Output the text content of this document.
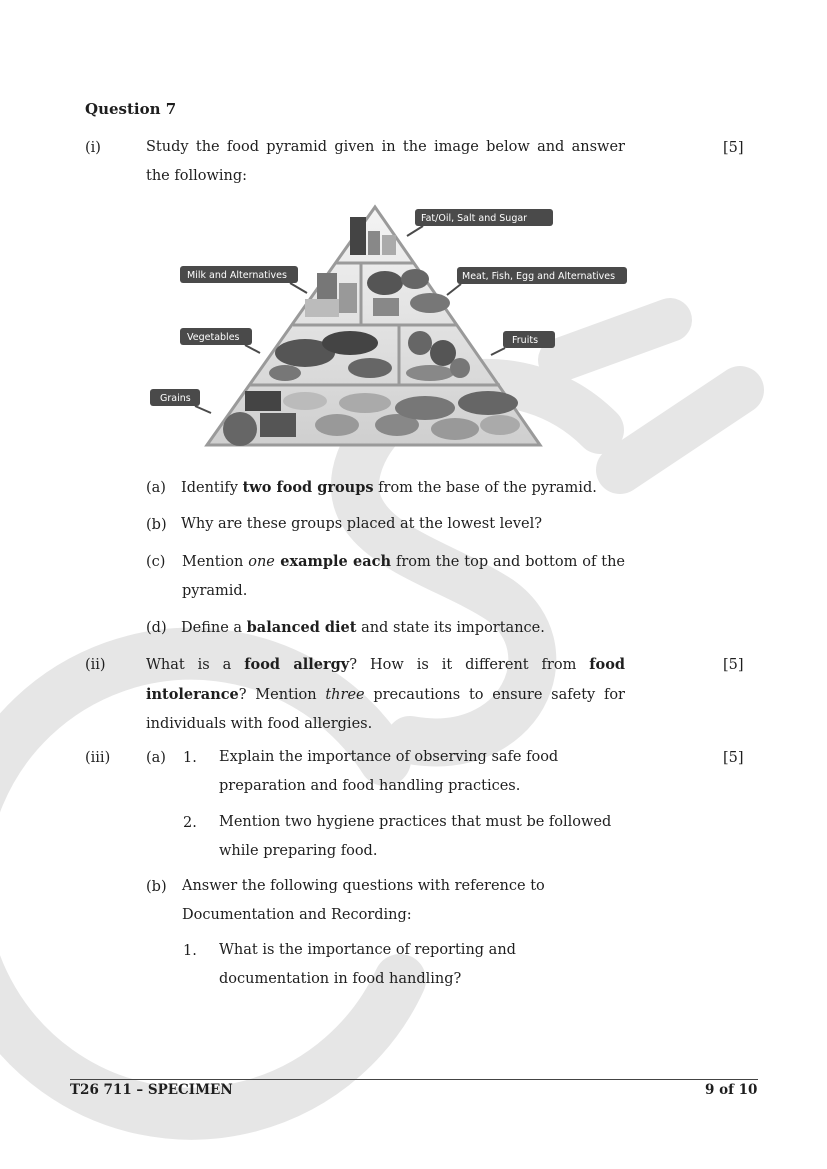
Question 7
(i)	Study the food pyramid given in the image below and answer the following:
[5]
Fat/Oil, Salt and Sugar
Milk and Alternatives	Meat, Fish, Egg and Alternatives
Vegetables	Fruits
Grains
(a) Identify two food groups from the base of the pyramid.
(b) Why are these groups placed at the lowest level?
(c) Mention one example each from the top and bottom of the pyramid.
(d) Define a balanced diet and state its importance.
(ii)	What is a food allergy? How is it different from food intolerance? Mention three precautions to ensure safety for individuals with food allergies.
[5]
(iii) (a)	[5]
1. Explain the importance of observing safe food preparation and food handling practices.
2. Mention two hygiene practices that must be followed while preparing food.
(b) Answer the following questions with reference to Documentation and Recording:
1. What is the importance of reporting and documentation in food handling?
T26 711 – SPECIMEN	9 of 10
